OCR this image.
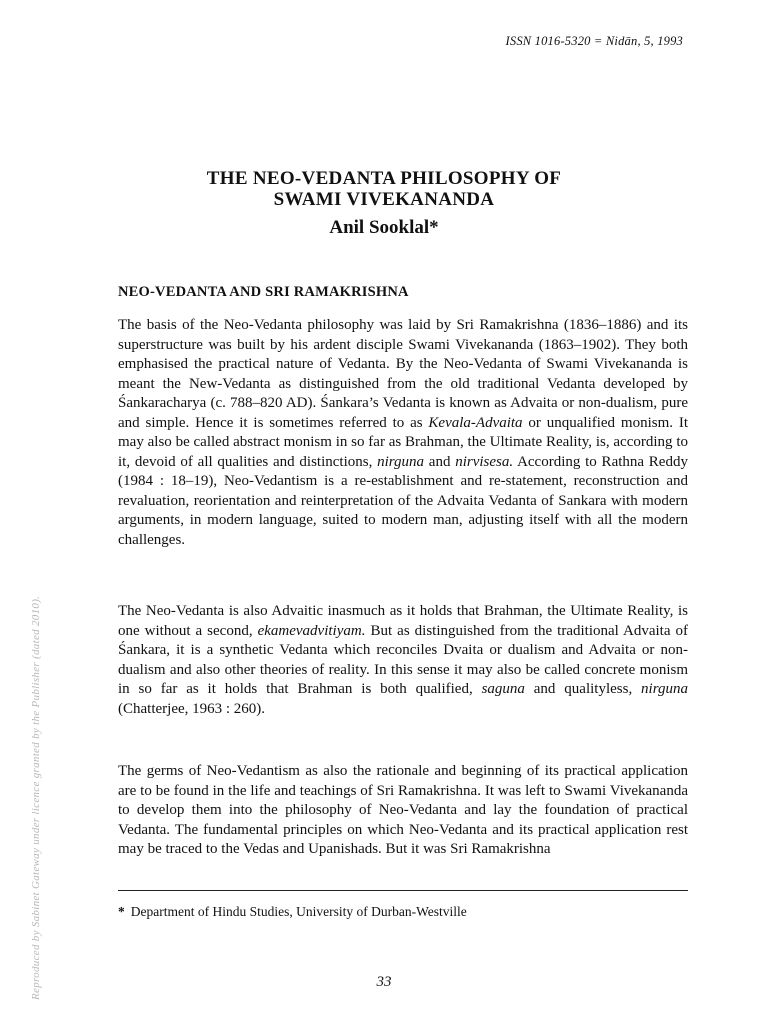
ISSN 1016-5320 = Nidān, 5, 1993
THE NEO-VEDANTA PHILOSOPHY OF
SWAMI VIVEKANANDA
Anil Sooklal*
NEO-VEDANTA AND SRI RAMAKRISHNA

The basis of the Neo-Vedanta philosophy was laid by Sri Ramakrishna (1836–1886) and its superstructure was built by his ardent disciple Swami Vivekananda (1863–1902). They both emphasised the practical nature of Vedanta. By the Neo-Vedanta of Swami Vivekananda is meant the New-Vedanta as distinguished from the old traditional Vedanta developed by Śankaracharya (c. 788–820 AD). Śankara’s Vedanta is known as Advaita or non-dualism, pure and simple. Hence it is sometimes referred to as Kevala-Advaita or unqualified monism. It may also be called abstract monism in so far as Brahman, the Ultimate Reality, is, according to it, devoid of all qualities and distinctions, nirguna and nirvisesa. According to Rathna Reddy (1984 : 18–19), Neo-Vedantism is a re-establishment and re-statement, reconstruction and revaluation, reorientation and reinterpretation of the Advaita Vedanta of Sankara with modern arguments, in modern language, suited to modern man, adjusting itself with all the modern challenges.

The Neo-Vedanta is also Advaitic inasmuch as it holds that Brahman, the Ultimate Reality, is one without a second, ekamevadvitiyam. But as distinguished from the traditional Advaita of Śankara, it is a synthetic Vedanta which reconciles Dvaita or dualism and Advaita or non-dualism and also other theories of reality. In this sense it may also be called concrete monism in so far as it holds that Brahman is both qualified, saguna and qualityless, nirguna (Chatterjee, 1963 : 260).

The germs of Neo-Vedantism as also the rationale and beginning of its practical application are to be found in the life and teachings of Sri Ramakrishna. It was left to Swami Vivekananda to develop them into the philosophy of Neo-Vedanta and lay the foundation of practical Vedanta. The fundamental principles on which Neo-Vedanta and its practical application rest may be traced to the Vedas and Upanishads. But it was Sri Ramakrishna

* Department of Hindu Studies, University of Durban-Westville
33
Reproduced by Sabinet Gateway under licence granted by the Publisher (dated 2010).
